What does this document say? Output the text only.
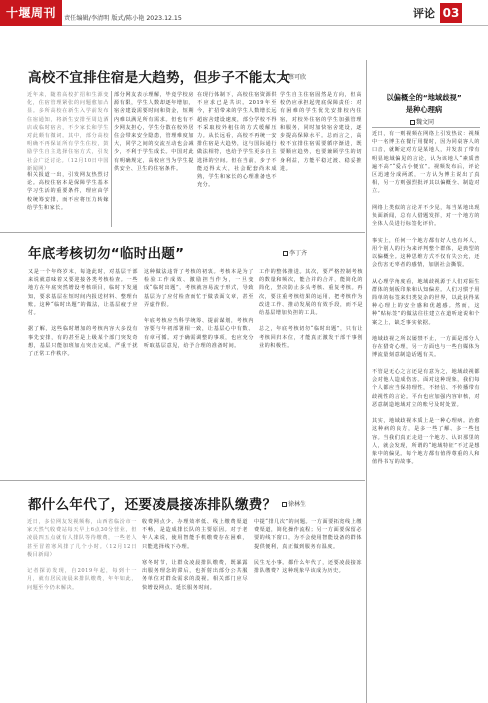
十堰周刊	责任编辑/李清明 版式/陈小艳 2023.12.15	评论 03
高校不宜排住宿是大趋势，但步子不能太大
蔡可欣
近年来，随着高校扩招和生源变化，住宿管理紧张的问题愈加凸显。多所高校在新生入学前发布住宿通知，将新生安排至周边酒店或临时宿舍，不少家长和学生对此颇有微词。其中，部分高校明确不再保证所有学生住校，鼓励学生自主选择住宿方式，引发社会广泛讨论。（12月10日中国新闻网）
相关报道一出，引发网友热烈讨论。高校住宿本是保障学生基本学习生活的重要条件，理应由学校统筹安排，而不应将压力转嫁给学生和家长。
部分网友表示理解，毕竟学校房源有限，学生人数却逐年增加，宿舍建设需要时间和资金，短期内难以满足所有需求。但也有不少网友担心，学生分散在校外居住会带来安全隐患，管理难度加大，同学之间的交流互动也会减少，不利于学生成长。中国对此有明确规定，高校应当为学生提供安全、卫生的住宿条件。
在现行体制下，高校住宿资源供不应求已是共识。2019年至今，扩招带来的学生人数增长远超宿舍建设速度，部分学校不得不采取校外租住的方式缓解压力。从长远看，高校不再统一安排住宿是大趋势，这与国际通行做法相符，也给予学生更多自主选择的空间。但在当前，步子不能迈得太大，社会配套尚未成熟，学生和家长的心理准备也不充分。
学生自主住宿固然是方向，但高校仍应承担起兜底保障责任：对有困难的学生优先安排校内住宿，对校外住宿的学生加强管理和服务，同时加快宿舍建设，逐步提高保障水平。总而言之，高校不宜排住宿需要循序渐进，既要顺应趋势，也要兼顾学生的切身利益，方能平稳过渡、稳妥推进。
以偏概全的“地域歧视”
是种心理病
魏文同
近日，有一则视频在网络上引发热议：视频中一名博主在餐厅用餐时，因为同桌客人的口音，就断定对方是某地人，并发表了带有明显地域偏见的言论，认为该地人“素质普遍不高”“爱占小便宜”。视频发布后，评论区迅速分成两派，一方认为博主说出了真相，另一方则强烈批评其以偏概全、制造对立。

网络上类似的言论并不少见，每当某地出现负面新闻，总有人借题发挥，对一个地方的全体人员进行标签化评价。

事实上，任何一个地方都有好人也有坏人，用个别人的行为来评判整个群体，是典型的以偏概全。这种思维方式不仅有失公允，还会伤害无辜者的感情，加剧社会撕裂。

从心理学角度看，地域歧视源于人们对陌生群体的刻板印象和认知偏差。人们习惯于用简单的标签来归类复杂的世界，以此获得某种心理上的安全感和优越感。然而，这种“贴标签”的做法往往建立在道听途说和个案之上，缺乏事实依据。

地域歧视之所以屡禁不止，一方面是部分人存在猎奇心理，另一方面也与一些自媒体为博流量刻意制造话题有关。

不管是无心之言还是有意为之，地域歧视都会对他人造成伤害。面对这种现象，我们每个人都应当保持理性，不轻信、不传播带有歧视性的言论。平台也应加强内容审核，对恶意制造地域对立的账号及时处置。

其实，地域歧视本质上是一种心理病。治愈这种病的良方，是多一些了解、多一些包容。当我们真正走进一个地方、认识那里的人，就会发现，所谓的“地域特征”不过是想象中的偏见。每个地方都有值得尊重的人和值得书写的故事。
年底考核切勿“临时出题”	李丁齐
又是一个年终岁末，每逢此时，对基层干部来说就意味着又要迎接各类考核检查。一些地方在年底突然增设考核项目，临时下发通知，要求基层在短时间内报送材料、整理台账。这种“临时出题”的做法，让基层疲于应付。

据了解，这些临时增加的考核内容大多没有事先安排，有的甚至是上级某个部门突发奇想，基层只能加班加点突击完成，严重干扰了正常工作秩序。
这种做法违背了考核的初衷。考核本是为了检验工作成效、激励担当作为，一旦变成“临时出题”，考核就容易流于形式，导致基层为了应付检查而忙于做表面文章，甚至弄虚作假。

年底考核应当科学统筹、提前谋划，考核内容要与年初部署相一致，让基层心中有数、有章可循。对于确需调整的事项，也应充分听取基层意见，给予合理的准备时间。
工作的整体推进。其次，要严格控制考核的数量和频次，能合并的合并，能简化的简化，坚决防止多头考核、重复考核。再次，要注重考核结果的运用，把考核作为改进工作、推动发展的有效手段，而不是给基层增加负担的工具。

总之，年底考核切勿“临时出题”，只有让考核回归本位，才能真正激发干部干事创业的积极性。
都什么年代了，还要凌晨接冻排队缴费？	徐林生
近日，多位网友发视频称，山西省临汾市一家天然气收费站每天早上6点30分营业，但凌晨四五点就有人排队等待缴费，一些老人甚至冒着寒风排了几个小时。（12月12日 极目新闻）

记者探访发现，自2019年起，每到十一月，就有居民凌晨来排队缴费，年年如此，问题至今仍未解决。
收费网点少、办理效率低、线上缴费渠道不畅，是造成排长队的主要原因。对于老年人来说，使用智能手机缴费存在困难，只能选择线下办理。

寒冬时节，让群众凌晨排队缴费，既暴露出服务理念的滞后，也折射出部分公共服务单位对群众需求的漠视。相关部门应尽快增设网点、延长服务时间。
中提“排几次”的问题。一方面要拓宽线上缴费渠道，简化操作流程；另一方面要保留必要的线下窗口，为不会使用智能设备的群体提供便利，真正做到服务有温度。

民生无小事。都什么年代了，还要凌晨接冻排队缴费？这种现象早该成为历史。
